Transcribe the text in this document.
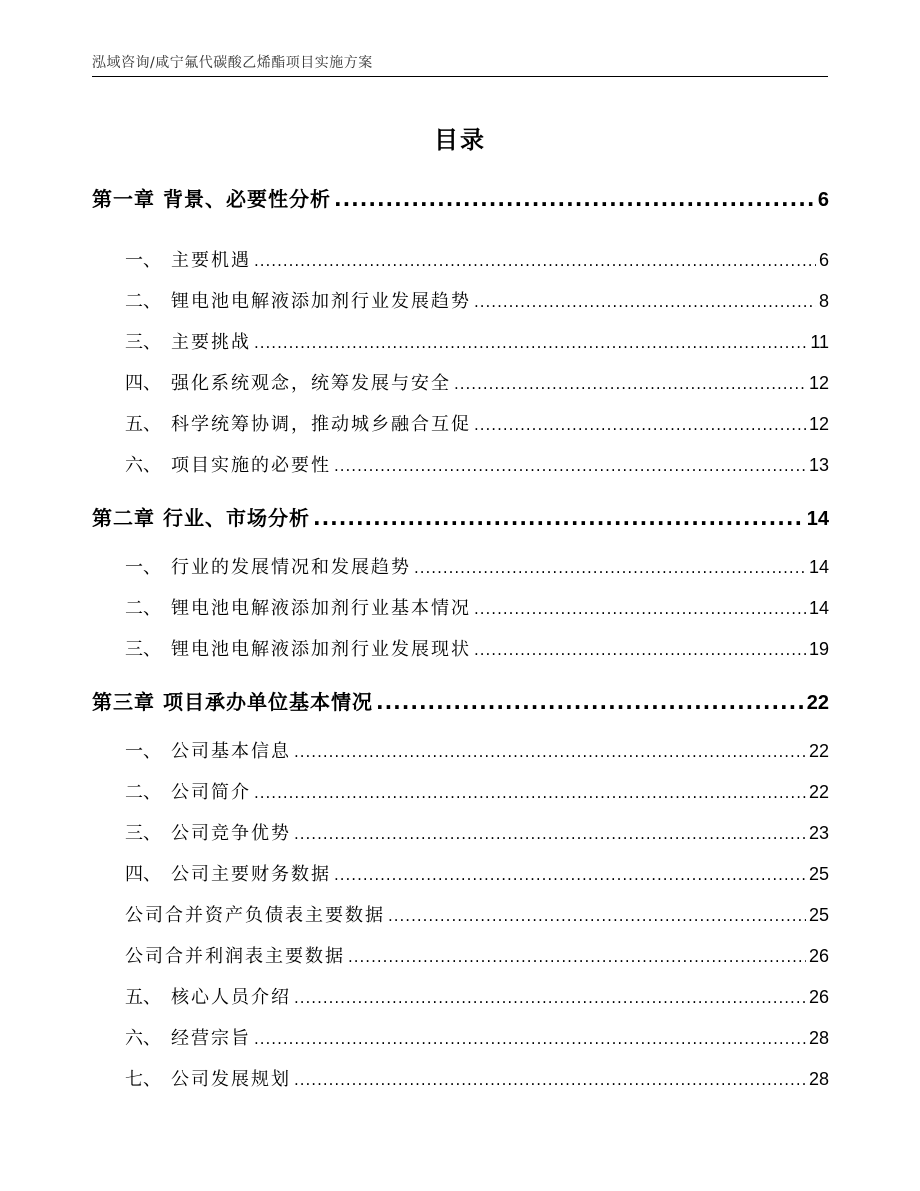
泓域咨询/咸宁氟代碳酸乙烯酯项目实施方案
目录
第一章 背景、必要性分析 .....	6
一、 主要机遇 .....	6
二、 锂电池电解液添加剂行业发展趋势 .....	8
三、 主要挑战 .....	11
四、 强化系统观念，统筹发展与安全 .....	12
五、 科学统筹协调，推动城乡融合互促 .....	12
六、 项目实施的必要性 .....	13
第二章 行业、市场分析 .....	14
一、 行业的发展情况和发展趋势 .....	14
二、 锂电池电解液添加剂行业基本情况 .....	14
三、 锂电池电解液添加剂行业发展现状 .....	19
第三章 项目承办单位基本情况 .....	22
一、 公司基本信息 .....	22
二、 公司简介 .....	22
三、 公司竞争优势 .....	23
四、 公司主要财务数据 .....	25
公司合并资产负债表主要数据 .....	25
公司合并利润表主要数据 .....	26
五、 核心人员介绍 .....	26
六、 经营宗旨 .....	28
七、 公司发展规划 .....	28
